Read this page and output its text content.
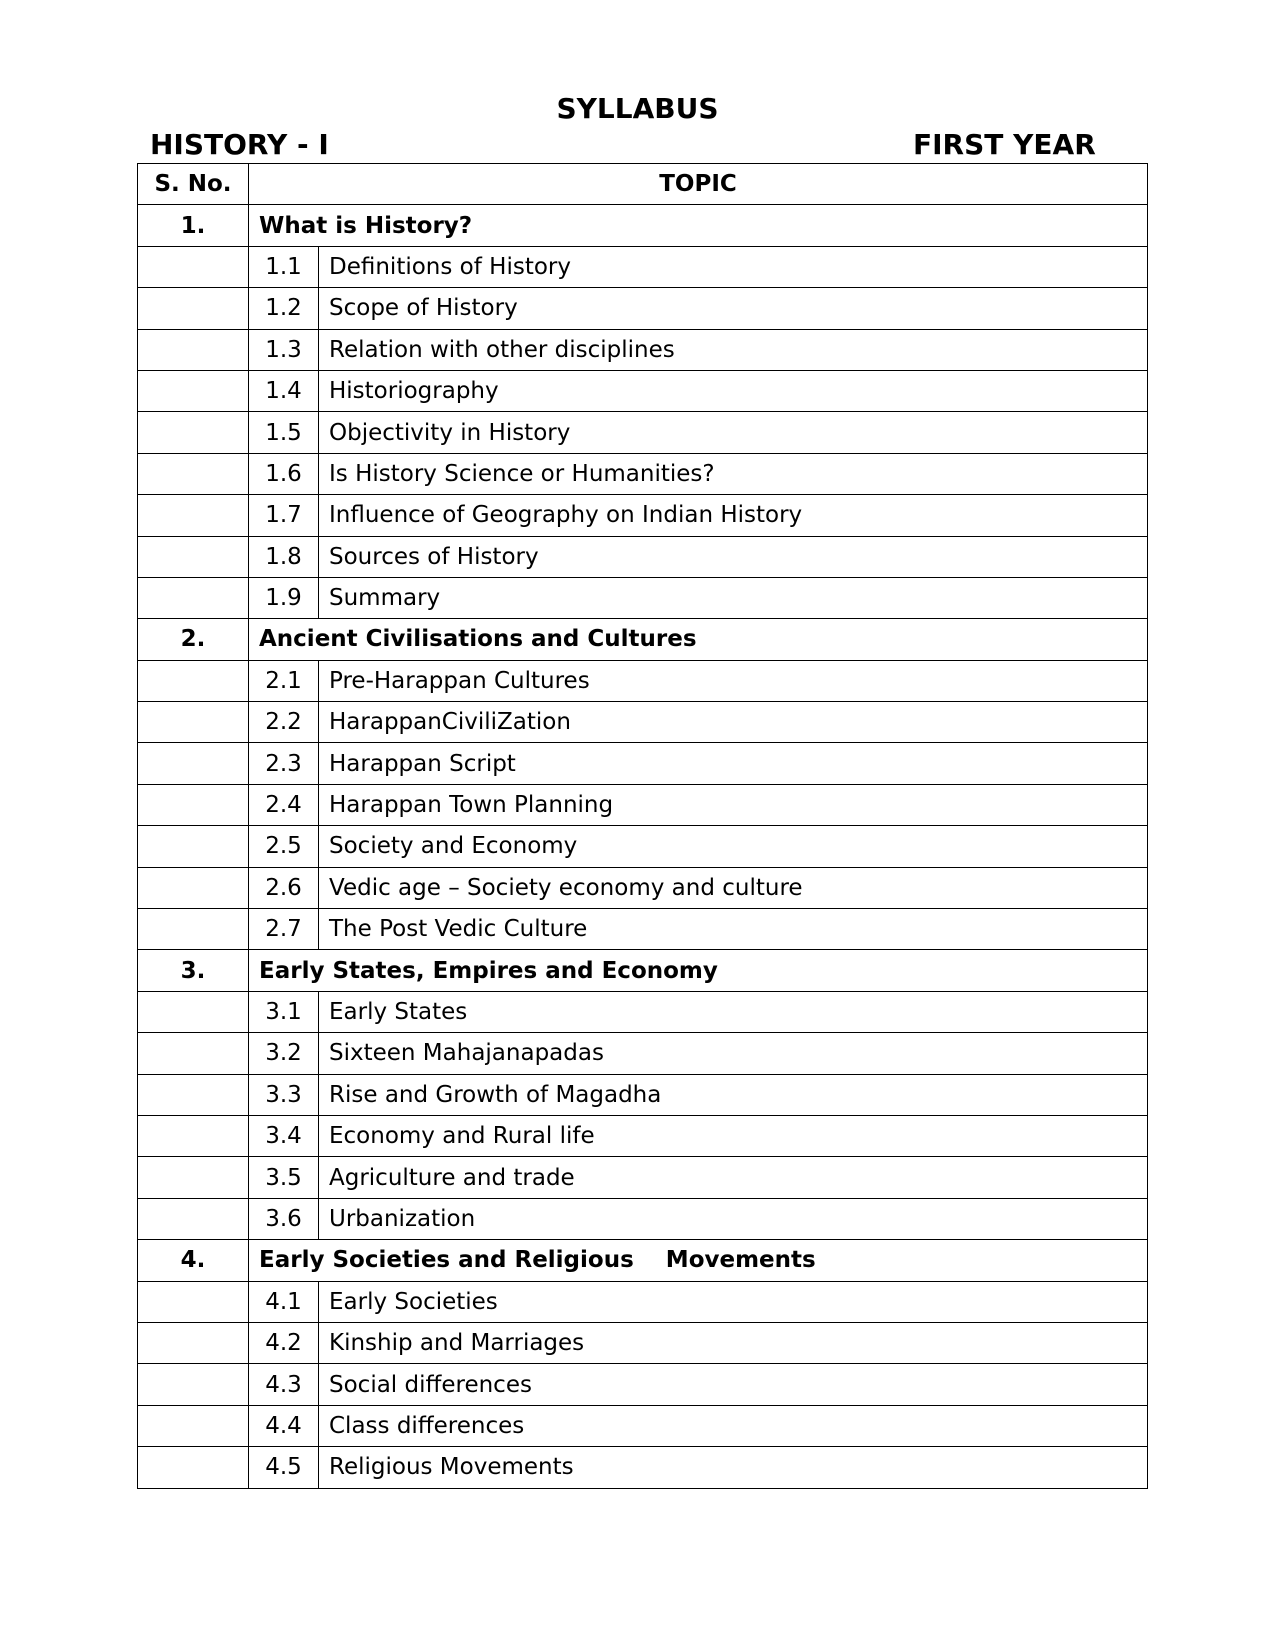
SYLLABUS
HISTORY - I	FIRST YEAR
S. No.	TOPIC	
1.	What is History?	
	1.1	Definitions of History
	1.2	Scope of History
	1.3	Relation with other disciplines
	1.4	Historiography
	1.5	Objectivity in History
	1.6	Is History Science or Humanities?
	1.7	Influence of Geography on Indian History
	1.8	Sources of History
	1.9	Summary
2.	Ancient Civilisations and Cultures	
	2.1	Pre-Harappan Cultures
	2.2	HarappanCiviliZation
	2.3	Harappan Script
	2.4	Harappan Town Planning
	2.5	Society and Economy
	2.6	Vedic age – Society economy and culture
	2.7	The Post Vedic Culture
3.	Early States, Empires and Economy	
	3.1	Early States
	3.2	Sixteen Mahajanapadas
	3.3	Rise and Growth of Magadha
	3.4	Economy and Rural life
	3.5	Agriculture and trade
	3.6	Urbanization
4.	Early Societies and Religious    Movements	
	4.1	Early Societies
	4.2	Kinship and Marriages
	4.3	Social differences
	4.4	Class differences
	4.5	Religious Movements
